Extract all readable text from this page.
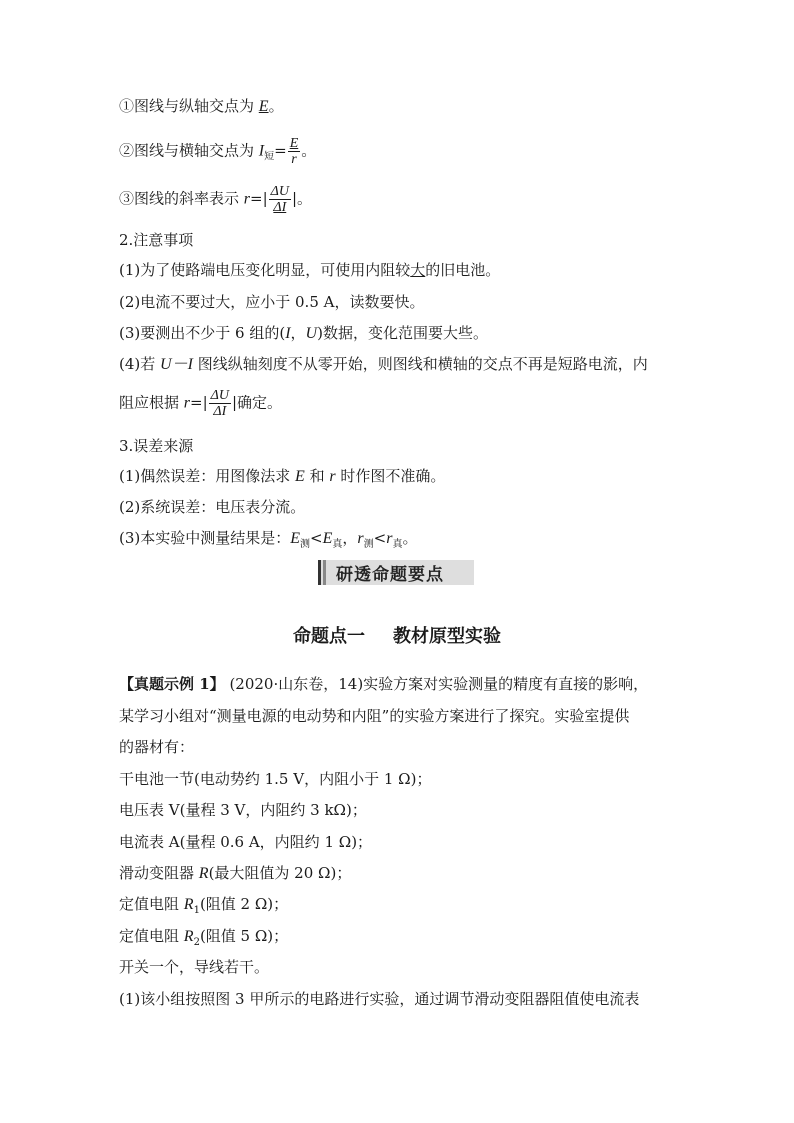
①图线与纵轴交点为 E。
②图线与横轴交点为 $I_短= \frac{E}{r}$ 。
③图线的斜率表示 $r=| \frac{\Delta U}{\Delta I}$ |。
2.注意事项
(1)为了使路端电压变化明显，可使用内阻较大的旧电池。
(2)电流不要过大，应小于 0.5 A，读数要快。
(3)要测出不少于 6 组的(I，U)数据，变化范围要大些。
(4)若 U－I 图线纵轴刻度不从零开始，则图线和横轴的交点不再是短路电流，内
阻应根据 $r=| \frac{\Delta U}{\Delta I}$ |确定。
3.误差来源
(1)偶然误差：用图像法求 E 和 r 时作图不准确。
(2)系统误差：电压表分流。
(3)本实验中测量结果是：$E_测<E_真$，$r_测<r_真$。
研透命题要点
命题点一 教材原型实验
【真题示例 1】 (2020·山东卷，14)实验方案对实验测量的精度有直接的影响，
某学习小组对“测量电源的电动势和内阻”的实验方案进行了探究。实验室提供
的器材有：
干电池一节(电动势约 1.5 V，内阻小于 1 Ω)；
电压表 V(量程 3 V，内阻约 3 kΩ)；
电流表 A(量程 0.6 A，内阻约 1 Ω)；
滑动变阻器 R(最大阻值为 20 Ω)；
定值电阻 $R_1$(阻值 2 Ω)；
定值电阻 $R_2$(阻值 5 Ω)；
开关一个，导线若干。
(1)该小组按照图 3 甲所示的电路进行实验，通过调节滑动变阻器阻值使电流表
